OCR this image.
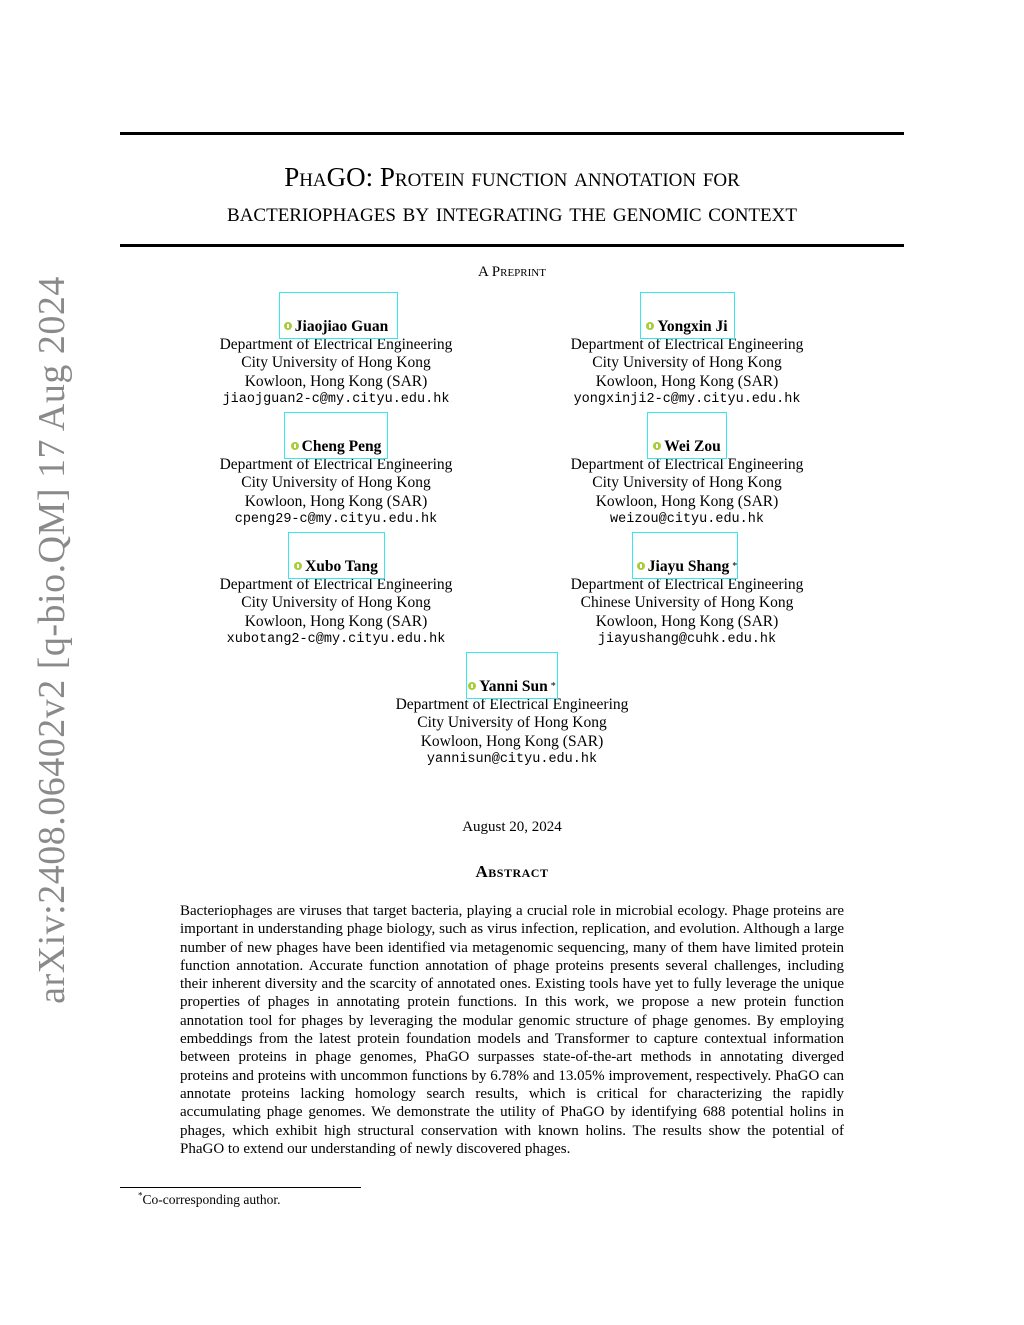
arXiv:2408.06402v2 [q-bio.QM] 17 Aug 2024
PhaGO: Protein function annotation for
bacteriophages by integrating the genomic context
A Preprint
Jiaojiao Guan
Department of Electrical Engineering
City University of Hong Kong
Kowloon, Hong Kong (SAR)
jiaojguan2-c@my.cityu.edu.hk
Yongxin Ji
Department of Electrical Engineering
City University of Hong Kong
Kowloon, Hong Kong (SAR)
yongxinji2-c@my.cityu.edu.hk
Cheng Peng
Department of Electrical Engineering
City University of Hong Kong
Kowloon, Hong Kong (SAR)
cpeng29-c@my.cityu.edu.hk
Wei Zou
Department of Electrical Engineering
City University of Hong Kong
Kowloon, Hong Kong (SAR)
weizou@cityu.edu.hk
Xubo Tang
Department of Electrical Engineering
City University of Hong Kong
Kowloon, Hong Kong (SAR)
xubotang2-c@my.cityu.edu.hk
Jiayu Shang *
Department of Electrical Engineering
Chinese University of Hong Kong
Kowloon, Hong Kong (SAR)
jiayushang@cuhk.edu.hk
Yanni Sun *
Department of Electrical Engineering
City University of Hong Kong
Kowloon, Hong Kong (SAR)
yannisun@cityu.edu.hk
August 20, 2024
Abstract
Bacteriophages are viruses that target bacteria, playing a crucial role in microbial ecology. Phage proteins are important in understanding phage biology, such as virus infection, replication, and evolution. Although a large number of new phages have been identified via metagenomic sequencing, many of them have limited protein function annotation. Accurate function annotation of phage proteins presents several challenges, including their inherent diversity and the scarcity of annotated ones. Existing tools have yet to fully leverage the unique properties of phages in annotating protein functions. In this work, we propose a new protein function annotation tool for phages by leveraging the modular genomic structure of phage genomes. By employing embeddings from the latest protein foundation models and Transformer to capture contextual information between proteins in phage genomes, PhaGO surpasses state-of-the-art methods in annotating diverged proteins and proteins with uncommon functions by 6.78% and 13.05% improvement, respectively. PhaGO can annotate proteins lacking homology search results, which is critical for characterizing the rapidly accumulating phage genomes. We demonstrate the utility of PhaGO by identifying 688 potential holins in phages, which exhibit high structural conservation with known holins. The results show the potential of PhaGO to extend our understanding of newly discovered phages.
*Co-corresponding author.
